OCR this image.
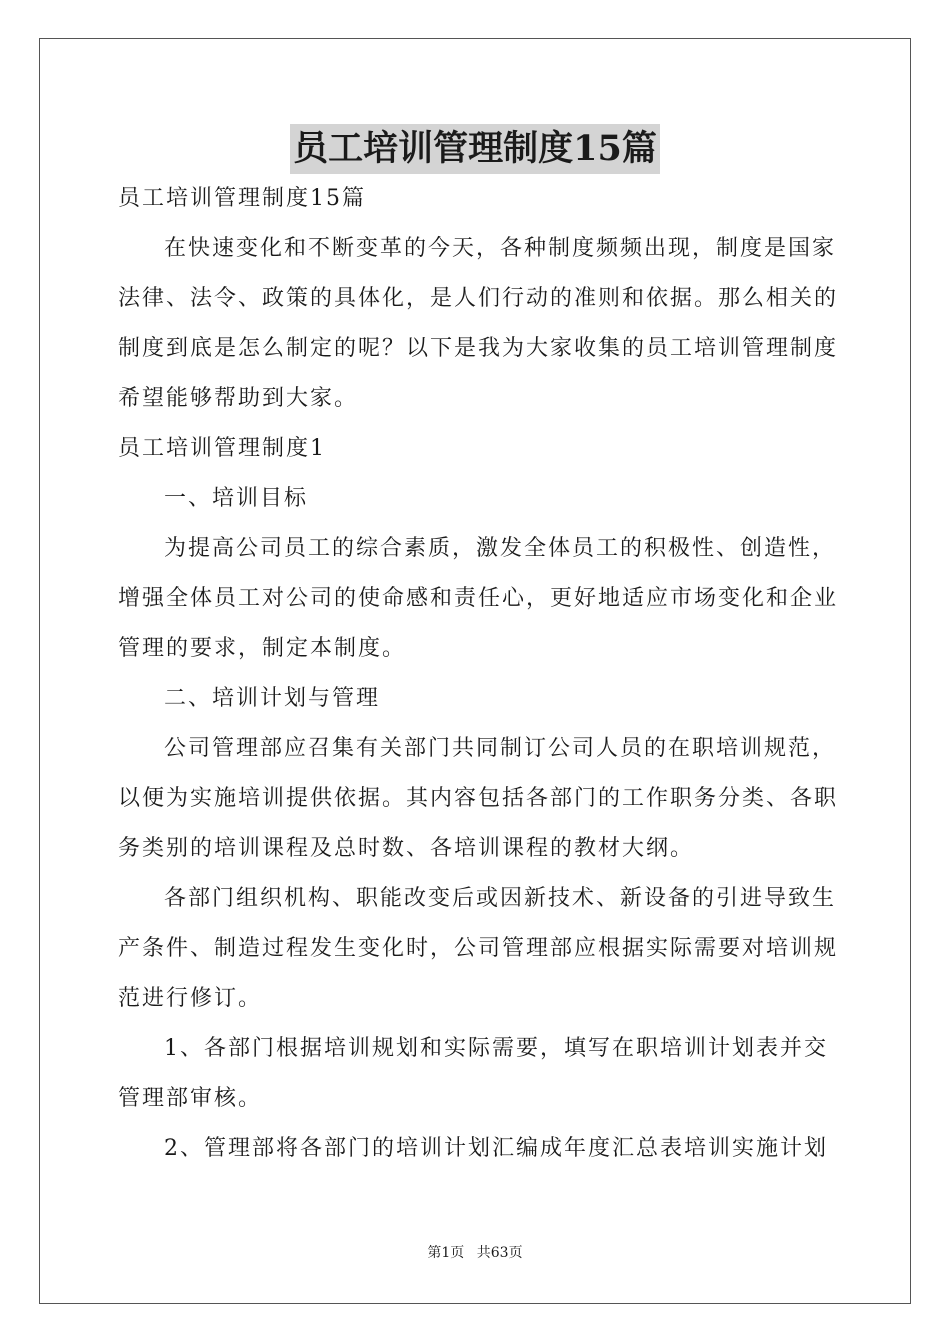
员工培训管理制度15篇
员工培训管理制度15篇
在快速变化和不断变革的今天，各种制度频频出现，制度是国家
法律、法令、政策的具体化，是人们行动的准则和依据。那么相关的
制度到底是怎么制定的呢？以下是我为大家收集的员工培训管理制度
希望能够帮助到大家。
员工培训管理制度1
一、培训目标
为提高公司员工的综合素质，激发全体员工的积极性、创造性，
增强全体员工对公司的使命感和责任心，更好地适应市场变化和企业
管理的要求，制定本制度。
二、培训计划与管理
公司管理部应召集有关部门共同制订公司人员的在职培训规范，
以便为实施培训提供依据。其内容包括各部门的工作职务分类、各职
务类别的培训课程及总时数、各培训课程的教材大纲。
各部门组织机构、职能改变后或因新技术、新设备的引进导致生
产条件、制造过程发生变化时，公司管理部应根据实际需要对培训规
范进行修订。
1、各部门根据培训规划和实际需要，填写在职培训计划表并交
管理部审核。
2、管理部将各部门的培训计划汇编成年度汇总表培训实施计划
第1页 共63页
